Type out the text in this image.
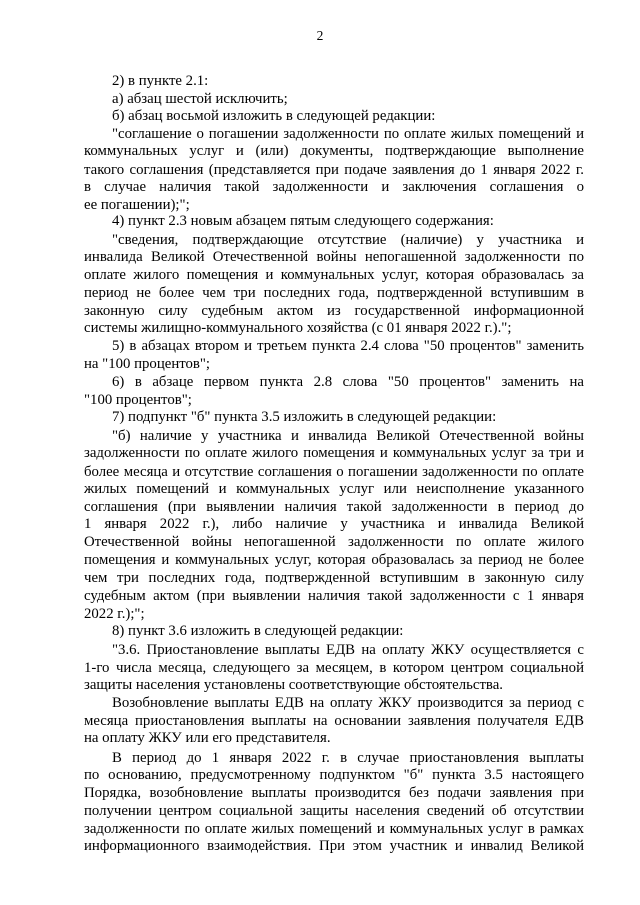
2
2) в пункте 2.1:
а) абзац шестой исключить;
б) абзац восьмой изложить в следующей редакции:
"соглашение о погашении задолженности по оплате жилых помещений и
коммунальных услуг и (или) документы, подтверждающие выполнение
такого соглашения (представляется при подаче заявления до 1 января 2022 г.
в случае наличия такой задолженности и заключения соглашения о
ее погашении);";
4) пункт 2.3 новым абзацем пятым следующего содержания:
"сведения, подтверждающие отсутствие (наличие) у участника и
инвалида Великой Отечественной войны непогашенной задолженности по
оплате жилого помещения и коммунальных услуг, которая образовалась за
период не более чем три последних года, подтвержденной вступившим в
законную силу судебным актом из государственной информационной
системы жилищно-коммунального хозяйства (с 01 января 2022 г.).";
5) в абзацах втором и третьем пункта 2.4 слова "50 процентов" заменить
на "100 процентов";
6) в абзаце первом пункта 2.8 слова "50 процентов" заменить на
"100 процентов";
7) подпункт "б" пункта 3.5 изложить в следующей редакции:
"б) наличие у участника и инвалида Великой Отечественной войны
задолженности по оплате жилого помещения и коммунальных услуг за три и
более месяца и отсутствие соглашения о погашении задолженности по оплате
жилых помещений и коммунальных услуг или неисполнение указанного
соглашения (при выявлении наличия такой задолженности в период до
1 января 2022 г.), либо наличие у участника и инвалида Великой
Отечественной войны непогашенной задолженности по оплате жилого
помещения и коммунальных услуг, которая образовалась за период не более
чем три последних года, подтвержденной вступившим в законную силу
судебным актом (при выявлении наличия такой задолженности с 1 января
2022 г.);";
8) пункт 3.6 изложить в следующей редакции:
"3.6. Приостановление выплаты ЕДВ на оплату ЖКУ осуществляется с
1-го числа месяца, следующего за месяцем, в котором центром социальной
защиты населения установлены соответствующие обстоятельства.
Возобновление выплаты ЕДВ на оплату ЖКУ производится за период с
месяца приостановления выплаты на основании заявления получателя ЕДВ
на оплату ЖКУ или его представителя.
В период до 1 января 2022 г. в случае приостановления выплаты
по основанию, предусмотренному подпунктом "б" пункта 3.5 настоящего
Порядка, возобновление выплаты производится без подачи заявления при
получении центром социальной защиты населения сведений об отсутствии
задолженности по оплате жилых помещений и коммунальных услуг в рамках
информационного взаимодействия. При этом участник и инвалид Великой
